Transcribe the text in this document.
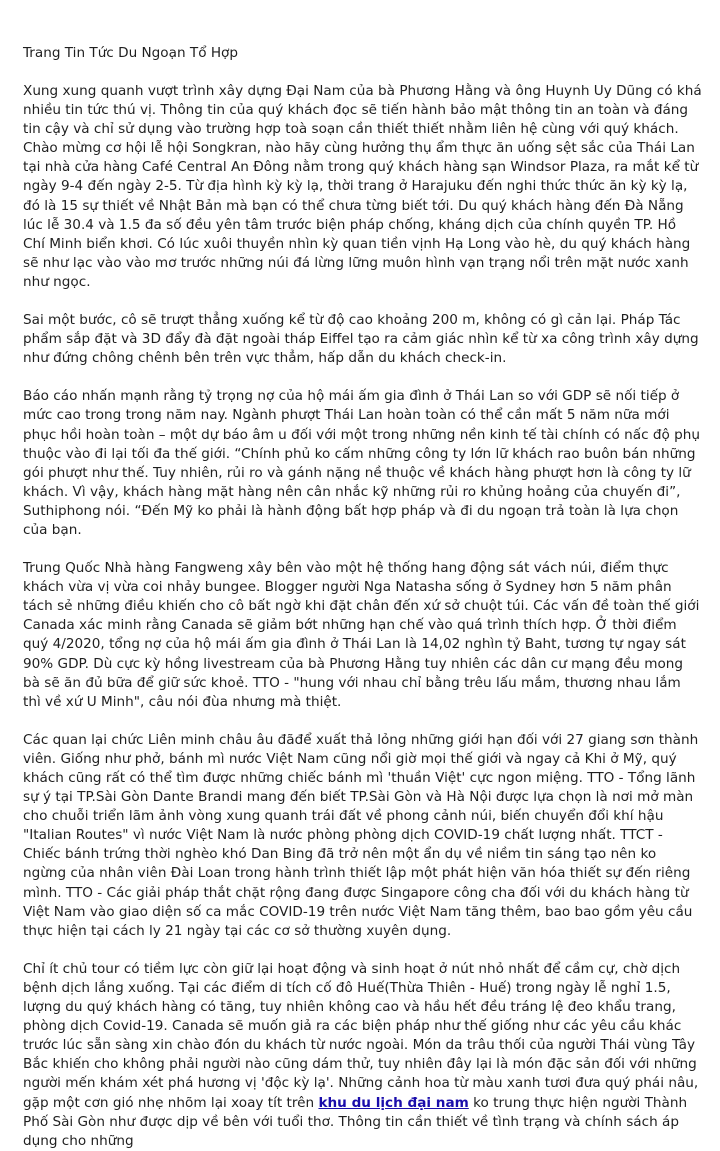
Trang Tin Tức Du Ngoạn Tổ Hợp

Xung xung quanh vượt trình xây dựng Đại Nam của bà Phương Hằng và ông Huynh Uy Dũng có khá nhiều tin tức thú vị. Thông tin của quý khách đọc sẽ tiến hành bảo mật thông tin an toàn và đáng tin cậy và chỉ sử dụng vào trường hợp toà soạn cần thiết thiết nhằm liên hệ cùng với quý khách. Chào mừng cơ hội lễ hội Songkran, nào hãy cùng hưởng thụ ẩm thực ăn uống sệt sắc của Thái Lan tại nhà cửa hàng Café Central An Đông nằm trong quý khách hàng sạn Windsor Plaza, ra mắt kể từ ngày 9-4 đến ngày 2-5. Từ địa hình kỳ kỳ lạ, thời trang ở Harajuku đến nghi thức thức ăn kỳ kỳ lạ, đó là 15 sự thiết về Nhật Bản mà bạn có thể chưa từng biết tới. Du quý khách hàng đến Đà Nẵng lúc lễ 30.4 và 1.5 đa số đều yên tâm trước biện pháp chống, kháng dịch của chính quyền TP. Hồ Chí Minh biển khơi. Có lúc xuôi thuyền nhìn kỳ quan tiền vịnh Hạ Long vào hè, du quý khách hàng sẽ như lạc vào vào mơ trước những núi đá lừng lững muôn hình vạn trạng nổi trên mặt nước xanh như ngọc.

Sai một bước, cô sẽ trượt thẳng xuống kể từ độ cao khoảng 200 m, không có gì cản lại. Pháp Tác phẩm sắp đặt và 3D đẩy đà đặt ngoài tháp Eiffel tạo ra cảm giác nhìn kể từ xa công trình xây dựng như đứng chông chênh bên trên vực thẳm, hấp dẫn du khách check-in.

Báo cáo nhấn mạnh rằng tỷ trọng nợ của hộ mái ấm gia đình ở Thái Lan so với GDP sẽ nối tiếp ở mức cao trong trong năm nay. Ngành phượt Thái Lan hoàn toàn có thể cần mất 5 năm nữa mới phục hồi hoàn toàn – một dự báo âm u đối với một trong những nền kinh tế tài chính có nấc độ phụ thuộc vào đi lại tối đa thế giới. “Chính phủ ko cấm những công ty lớn lữ khách rao buôn bán những gói phượt như thế. Tuy nhiên, rủi ro và gánh nặng nề thuộc về khách hàng phượt hơn là công ty lữ khách. Vì vậy, khách hàng mặt hàng nên cân nhắc kỹ những rủi ro khủng hoảng của chuyến đi”, Suthiphong nói. “Đến Mỹ ko phải là hành động bất hợp pháp và đi du ngoạn trả toàn là lựa chọn của bạn.

Trung Quốc Nhà hàng Fangweng xây bên vào một hệ thống hang động sát vách núi, điểm thực khách vừa vị vừa coi nhảy bungee. Blogger người Nga Natasha sống ở Sydney hơn 5 năm phân tách sẻ những điều khiến cho cô bất ngờ khi đặt chân đến xứ sở chuột túi. Các vấn đề toàn thế giới Canada xác minh rằng Canada sẽ giảm bớt những hạn chế vào quá trình thích hợp. Ở thời điểm quý 4/2020, tổng nợ của hộ mái ấm gia đình ở Thái Lan là 14,02 nghìn tỷ Baht, tương tự ngay sát 90% GDP. Dù cực kỳ hồng livestream của bà Phương Hằng tuy nhiên các dân cư mạng đều mong bà sẽ ăn đủ bữa để giữ sức khoẻ. TTO - "hung với nhau chỉ bằng trêu lấu mắm, thương nhau lắm thì về xứ U Minh", câu nói đùa nhưng mà thiệt.

Các quan lại chức Liên minh châu âu đãđể xuất thả lỏng những giới hạn đối với 27 giang sơn thành viên. Giống như phở, bánh mì nước Việt Nam cũng nổi giờ mọi thế giới và ngay cả Khi ở Mỹ, quý khách cũng rất có thể tìm được những chiếc bánh mì 'thuần Việt' cực ngon miệng. TTO - Tổng lãnh sự ý tại TP.Sài Gòn Dante Brandi mang đến biết TP.Sài Gòn và Hà Nội được lựa chọn là nơi mở màn cho chuỗi triển lãm ảnh vòng xung quanh trái đất về phong cảnh núi, biến chuyển đổi khí hậu "Italian Routes" vì nước Việt Nam là nước phòng phòng dịch COVID-19 chất lượng nhất. TTCT - Chiếc bánh trứng thời nghèo khó Dan Bing đã trở nên một ẩn dụ về niềm tin sáng tạo nên ko ngừng của nhân viên Đài Loan trong hành trình thiết lập một phát hiện văn hóa thiết sự đến riêng mình. TTO - Các giải pháp thắt chặt rộng đang được Singapore công cha đối với du khách hàng từ Việt Nam vào giao diện số ca mắc COVID-19 trên nước Việt Nam tăng thêm, bao bao gồm yêu cầu thực hiện tại cách ly 21 ngày tại các cơ sở thường xuyên dụng.

Chỉ ít chủ tour có tiềm lực còn giữ lại hoạt động và sinh hoạt ở nút nhỏ nhất để cầm cự, chờ dịch bệnh dịch lắng xuống. Tại các điểm di tích cố đô Huế(Thừa Thiên - Huế) trong ngày lễ nghỉ 1.5, lượng du quý khách hàng có tăng, tuy nhiên không cao và hầu hết đều tráng lệ đeo khẩu trang, phòng dịch Covid-19. Canada sẽ muốn giả ra các biện pháp như thế giống như các yêu cầu khác trước lúc sẵn sàng xin chào đón du khách từ nước ngoài. Món da trâu thối của người Thái vùng Tây Bắc khiến cho không phải người nào cũng dám thử, tuy nhiên đây lại là món đặc sản đối với những người mến khám xét phá hương vị 'độc kỳ lạ'. Những cảnh hoa từ màu xanh tươi đưa quý phái nâu, gặp một cơn gió nhẹ nhõm lại xoay tít trên khu du lịch đại nam ko trung thực hiện người Thành Phố Sài Gòn như được dịp về bên với tuổi thơ. Thông tin cần thiết về tình trạng và chính sách áp dụng cho những
